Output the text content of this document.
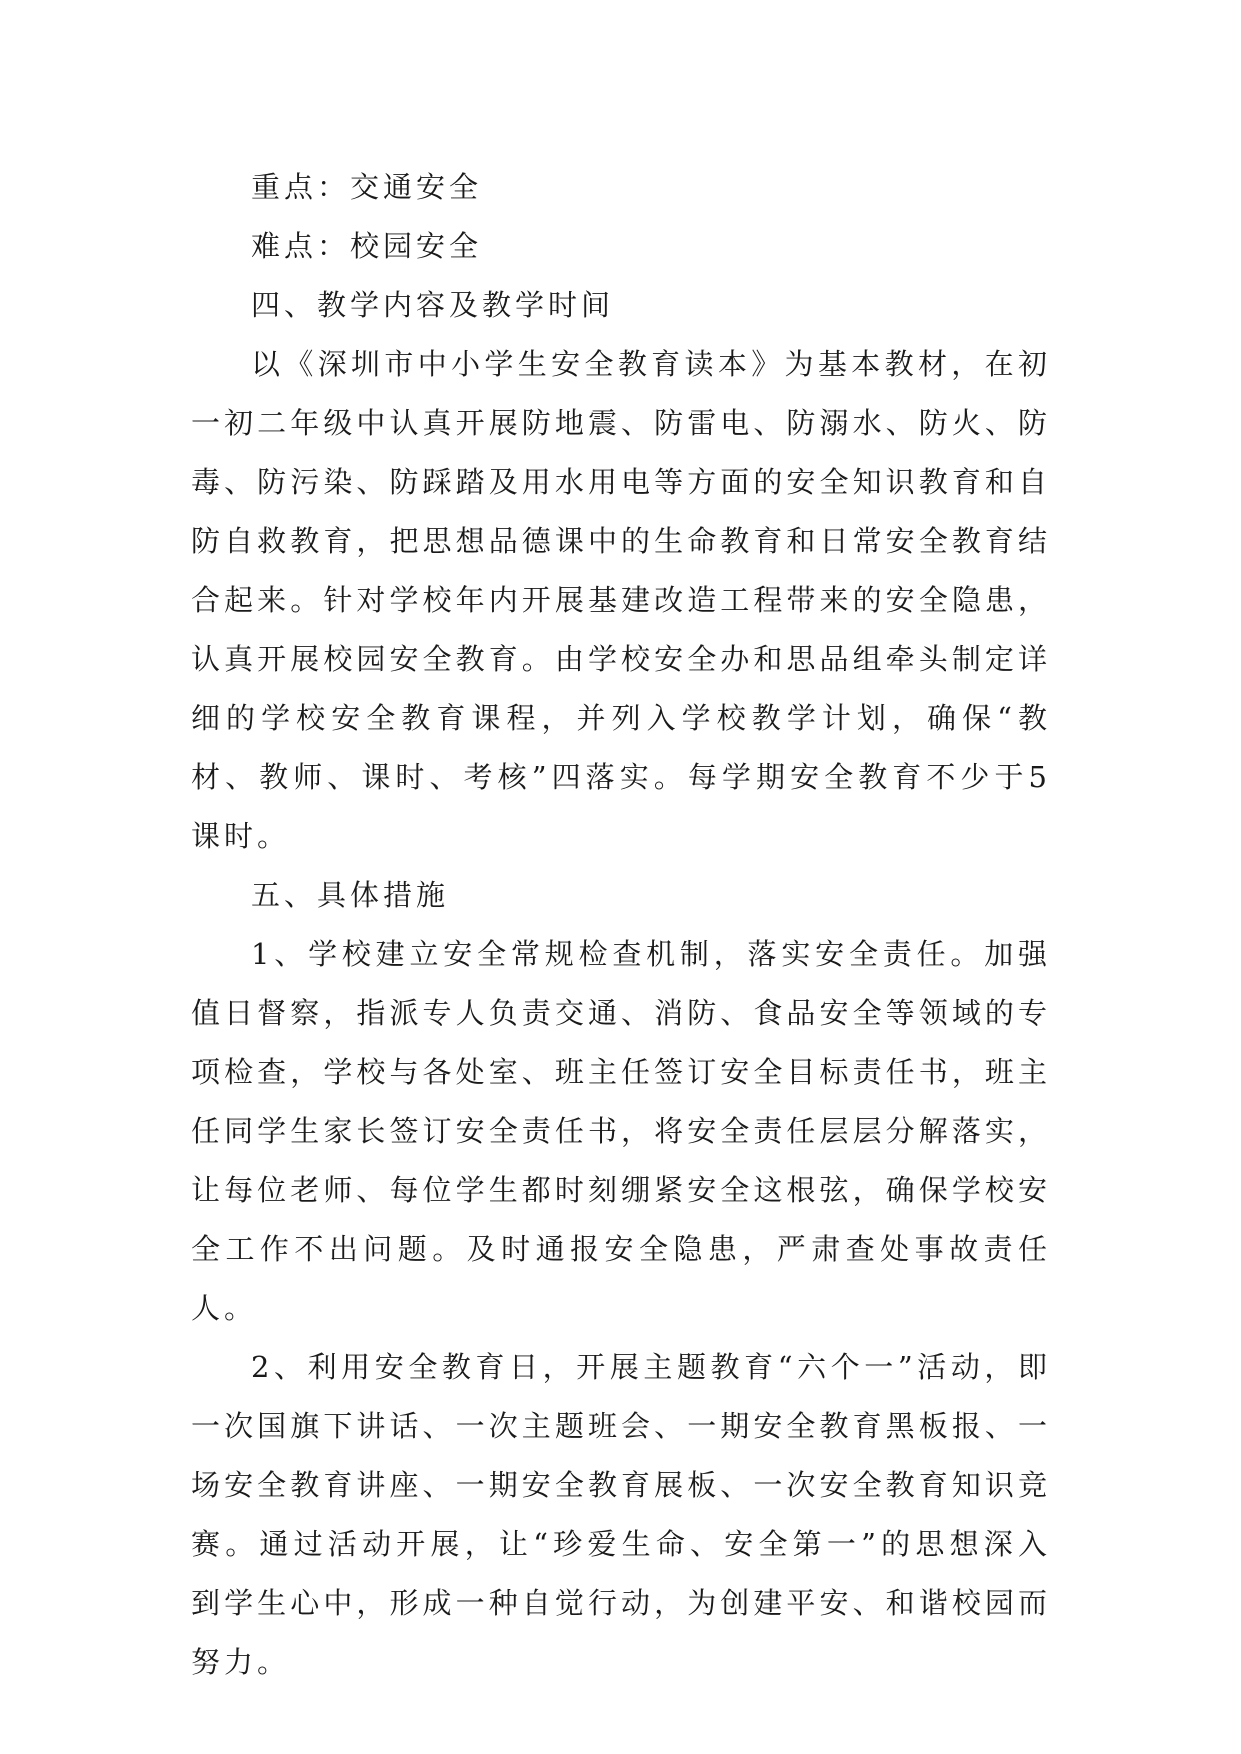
重点：交通安全

难点：校园安全

四、教学内容及教学时间

以《深圳市中小学生安全教育读本》为基本教材，在初一初二年级中认真开展防地震、防雷电、防溺水、防火、防毒、防污染、防踩踏及用水用电等方面的安全知识教育和自防自救教育，把思想品德课中的生命教育和日常安全教育结合起来。针对学校年内开展基建改造工程带来的安全隐患，认真开展校园安全教育。由学校安全办和思品组牵头制定详细的学校安全教育课程，并列入学校教学计划，确保“教材、教师、课时、考核”四落实。每学期安全教育不少于5课时。

五、具体措施

1、学校建立安全常规检查机制，落实安全责任。加强值日督察，指派专人负责交通、消防、食品安全等领域的专项检查，学校与各处室、班主任签订安全目标责任书，班主任同学生家长签订安全责任书，将安全责任层层分解落实，让每位老师、每位学生都时刻绷紧安全这根弦，确保学校安全工作不出问题。及时通报安全隐患，严肃查处事故责任人。

2、利用安全教育日，开展主题教育“六个一”活动，即一次国旗下讲话、一次主题班会、一期安全教育黑板报、一场安全教育讲座、一期安全教育展板、一次安全教育知识竞赛。通过活动开展，让“珍爱生命、安全第一”的思想深入到学生心中，形成一种自觉行动，为创建平安、和谐校园而努力。
